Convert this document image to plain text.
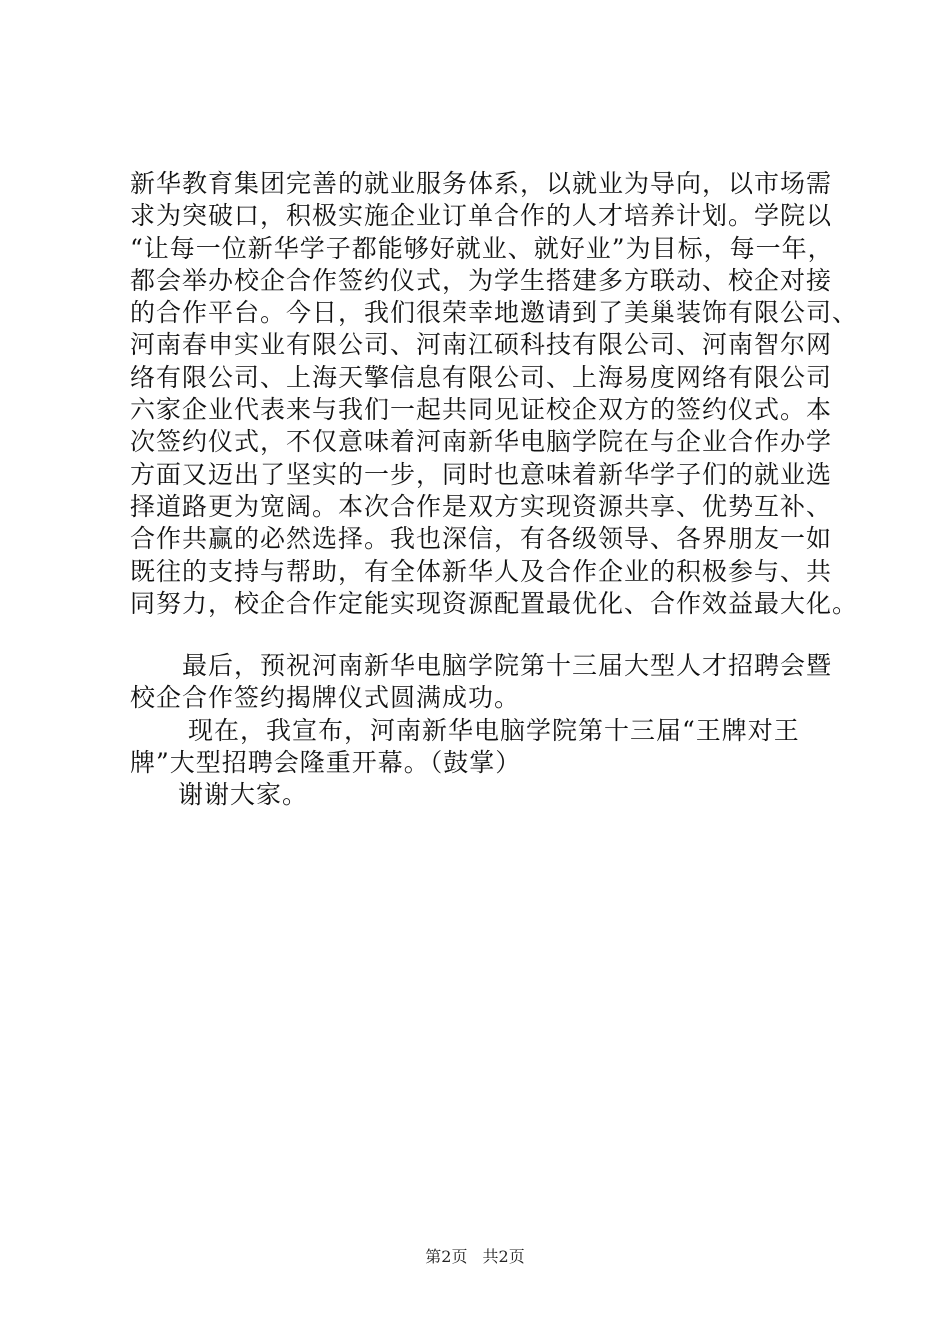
新华教育集团完善的就业服务体系，以就业为导向，以市场需
求为突破口，积极实施企业订单合作的人才培养计划。学院以
“让每一位新华学子都能够好就业、就好业”为目标，每一年，
都会举办校企合作签约仪式，为学生搭建多方联动、校企对接
的合作平台。今日，我们很荣幸地邀请到了美巢装饰有限公司、
河南春申实业有限公司、河南江硕科技有限公司、河南智尔网
络有限公司、上海天擎信息有限公司、上海易度网络有限公司
六家企业代表来与我们一起共同见证校企双方的签约仪式。本
次签约仪式，不仅意味着河南新华电脑学院在与企业合作办学
方面又迈出了坚实的一步，同时也意味着新华学子们的就业选
择道路更为宽阔。本次合作是双方实现资源共享、优势互补、
合作共赢的必然选择。我也深信，有各级领导、各界朋友一如
既往的支持与帮助，有全体新华人及合作企业的积极参与、共
同努力，校企合作定能实现资源配置最优化、合作效益最大化。
最后，预祝河南新华电脑学院第十三届大型人才招聘会暨
校企合作签约揭牌仪式圆满成功。
现在，我宣布，河南新华电脑学院第十三届“王牌对王
牌”大型招聘会隆重开幕。（鼓掌）
谢谢大家。
第2页 共2页
